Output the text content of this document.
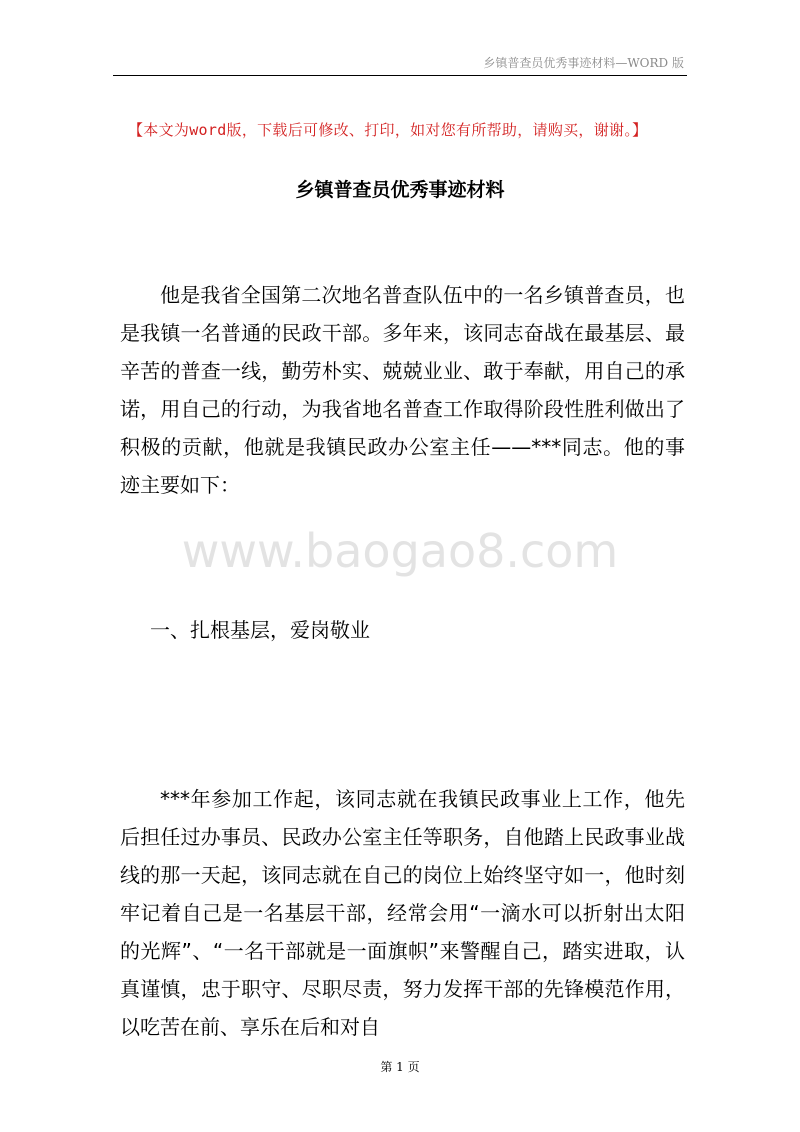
乡镇普查员优秀事迹材料—WORD 版
【本文为word版，下载后可修改、打印，如对您有所帮助，请购买，谢谢。】
乡镇普查员优秀事迹材料
他是我省全国第二次地名普查队伍中的一名乡镇普查员，也是我镇一名普通的民政干部。多年来，该同志奋战在最基层、最辛苦的普查一线，勤劳朴实、兢兢业业、敢于奉献，用自己的承诺，用自己的行动，为我省地名普查工作取得阶段性胜利做出了积极的贡献，他就是我镇民政办公室主任——***同志。他的事迹主要如下：
www.baogao8.com
一、扎根基层，爱岗敬业
***年参加工作起，该同志就在我镇民政事业上工作，他先后担任过办事员、民政办公室主任等职务，自他踏上民政事业战线的那一天起，该同志就在自己的岗位上始终坚守如一，他时刻牢记着自己是一名基层干部，经常会用“一滴水可以折射出太阳的光辉”、“一名干部就是一面旗帜”来警醒自己，踏实进取，认真谨慎，忠于职守、尽职尽责，努力发挥干部的先锋模范作用，以吃苦在前、享乐在后和对自
第 1 页
